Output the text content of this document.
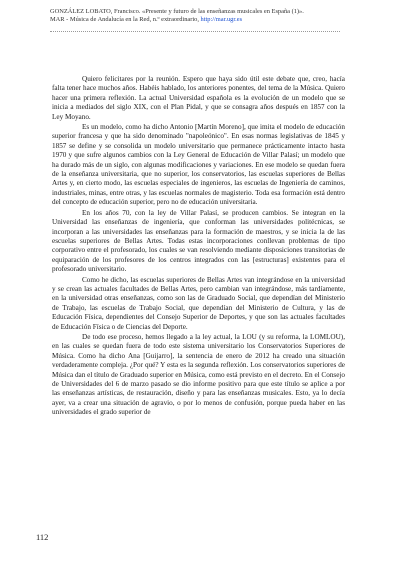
GONZÁLEZ LOBATO, Francisco. «Presente y futuro de las enseñanzas musicales en España (1)».
MAR - Música de Andalucía en la Red, n.º extraordinario, http://mar.ugr.es

Quiero felicitares por la reunión. Espero que haya sido útil este debate que, creo, hacía falta tener hace muchos años. Habéis hablado, los anteriores ponentes, del tema de la Música. Quiero hacer una primera reflexión. La actual Universidad española es la evolución de un modelo que se inicia a mediados del siglo XIX, con el Plan Pidal, y que se consagra años después en 1857 con la Ley Moyano.

Es un modelo, como ha dicho Antonio [Martín Moreno], que imita el modelo de educación superior francesa y que ha sido denominado "napoleónico". En esas normas legislativas de 1845 y 1857 se define y se consolida un modelo universitario que permanece prácticamente intacto hasta 1970 y que sufre algunos cambios con la Ley General de Educación de Villar Palasí; un modelo que ha durado más de un siglo, con algunas modificaciones y variaciones. En ese modelo se quedan fuera de la enseñanza universitaria, que no superior, los conservatorios, las escuelas superiores de Bellas Artes y, en cierto modo, las escuelas especiales de ingenieros, las escuelas de Ingeniería de caminos, industriales, minas, entre otras, y las escuelas normales de magisterio. Toda esa formación está dentro del concepto de educación superior, pero no de educación universitaria.

En los años 70, con la ley de Villar Palasí, se producen cambios. Se integran en la Universidad las enseñanzas de ingeniería, que conforman las universidades politécnicas, se incorporan a las universidades las enseñanzas para la formación de maestros, y se inicia la de las escuelas superiores de Bellas Artes. Todas estas incorporaciones conllevan problemas de tipo corporativo entre el profesorado, los cuales se van resolviendo mediante disposiciones transitorias de equiparación de los profesores de los centros integrados con las [estructuras] existentes para el profesorado universitario.

Como he dicho, las escuelas superiores de Bellas Artes van integrándose en la universidad y se crean las actuales facultades de Bellas Artes, pero cambian van integrándose, más tardíamente, en la universidad otras enseñanzas, como son las de Graduado Social, que dependían del Ministerio de Trabajo, las escuelas de Trabajo Social, que dependían del Ministerio de Cultura, y las de Educación Física, dependientes del Consejo Superior de Deportes, y que son las actuales facultades de Educación Física o de Ciencias del Deporte.

De todo ese proceso, hemos llegado a la ley actual, la LOU (y su reforma, la LOMLOU), en las cuales se quedan fuera de todo este sistema universitario los Conservatorios Superiores de Música. Como ha dicho Ana [Guijarro], la sentencia de enero de 2012 ha creado una situación verdaderamente compleja. ¿Por qué? Y esta es la segunda reflexión. Los conservatorios superiores de Música dan el título de Graduado superior en Música, como está previsto en el decreto. En el Consejo de Universidades del 6 de marzo pasado se dio informe positivo para que este título se aplice a por las enseñanzas artísticas, de restauración, diseño y para las enseñanzas musicales. Esto, ya lo decía ayer, va a crear una situación de agravio, o por lo menos de confusión, porque pueda haber en las universidades el grado superior de

112
